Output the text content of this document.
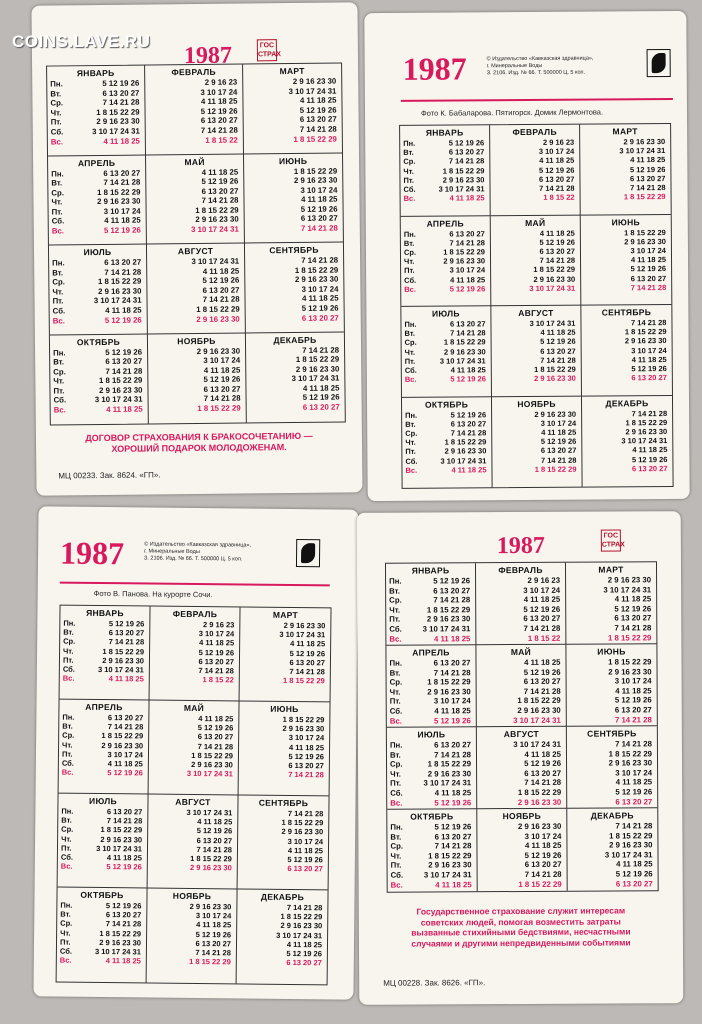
COINS.LAVE.RU
1987	ГОС СТРАХ
ЯНВАРЬ
Пн.	5 12 19 26
Вт.	6 13 20 27
Ср.	7 14 21 28
Чт.	1 8 15 22 29
Пт.	2 9 16 23 30
Сб.	3 10 17 24 31
Вс.	4 11 18 25
ФЕВРАЛЬ
2 9 16 23
3 10 17 24
4 11 18 25
5 12 19 26
6 13 20 27
7 14 21 28
1 8 15 22
МАРТ
2 9 16 23 30
3 10 17 24 31
4 11 18 25
5 12 19 26
6 13 20 27
7 14 21 28
1 8 15 22 29
АПРЕЛЬ
Пн.	6 13 20 27
Вт.	7 14 21 28
Ср.	1 8 15 22 29
Чт.	2 9 16 23 30
Пт.	3 10 17 24
Сб.	4 11 18 25
Вс.	5 12 19 26
МАЙ
4 11 18 25
5 12 19 26
6 13 20 27
7 14 21 28
1 8 15 22 29
2 9 16 23 30
3 10 17 24 31
ИЮНЬ
1 8 15 22 29
2 9 16 23 30
3 10 17 24
4 11 18 25
5 12 19 26
6 13 20 27
7 14 21 28
ИЮЛЬ
Пн.	6 13 20 27
Вт.	7 14 21 28
Ср.	1 8 15 22 29
Чт.	2 9 16 23 30
Пт.	3 10 17 24 31
Сб.	4 11 18 25
Вс.	5 12 19 26
АВГУСТ
3 10 17 24 31
4 11 18 25
5 12 19 26
6 13 20 27
7 14 21 28
1 8 15 22 29
2 9 16 23 30
СЕНТЯБРЬ
7 14 21 28
1 8 15 22 29
2 9 16 23 30
3 10 17 24
4 11 18 25
5 12 19 26
6 13 20 27
ОКТЯБРЬ
Пн.	5 12 19 26
Вт.	6 13 20 27
Ср.	7 14 21 28
Чт.	1 8 15 22 29
Пт.	2 9 16 23 30
Сб.	3 10 17 24 31
Вс.	4 11 18 25
НОЯБРЬ
2 9 16 23 30
3 10 17 24
4 11 18 25
5 12 19 26
6 13 20 27
7 14 21 28
1 8 15 22 29
ДЕКАБРЬ
7 14 21 28
1 8 15 22 29
2 9 16 23 30
3 10 17 24 31
4 11 18 25
5 12 19 26
6 13 20 27
ДОГОВОР СТРАХОВАНИЯ К БРАКОСОЧЕТАНИЮ —
ХОРОШИЙ ПОДАРОК МОЛОДОЖЕНАМ.
МЦ 00233. Зак. 8624. «ГП».
1987	© Издательство «Кавказская здравница»,
г. Минеральные Воды
З. 2106. Изд. № 66. Т. 500000 Ц. 5 коп.
Фото К. Бабаларова. Пятигорск. Домик Лермонтова.
ЯНВАРЬ
Пн.	5 12 19 26
Вт.	6 13 20 27
Ср.	7 14 21 28
Чт.	1 8 15 22 29
Пт.	2 9 16 23 30
Сб.	3 10 17 24 31
Вс.	4 11 18 25
ФЕВРАЛЬ
2 9 16 23
3 10 17 24
4 11 18 25
5 12 19 26
6 13 20 27
7 14 21 28
1 8 15 22
МАРТ
2 9 16 23 30
3 10 17 24 31
4 11 18 25
5 12 19 26
6 13 20 27
7 14 21 28
1 8 15 22 29
АПРЕЛЬ
Пн.	6 13 20 27
Вт.	7 14 21 28
Ср.	1 8 15 22 29
Чт.	2 9 16 23 30
Пт.	3 10 17 24
Сб.	4 11 18 25
Вс.	5 12 19 26
МАЙ
4 11 18 25
5 12 19 26
6 13 20 27
7 14 21 28
1 8 15 22 29
2 9 16 23 30
3 10 17 24 31
ИЮНЬ
1 8 15 22 29
2 9 16 23 30
3 10 17 24
4 11 18 25
5 12 19 26
6 13 20 27
7 14 21 28
ИЮЛЬ
Пн.	6 13 20 27
Вт.	7 14 21 28
Ср.	1 8 15 22 29
Чт.	2 9 16 23 30
Пт.	3 10 17 24 31
Сб.	4 11 18 25
Вс.	5 12 19 26
АВГУСТ
3 10 17 24 31
4 11 18 25
5 12 19 26
6 13 20 27
7 14 21 28
1 8 15 22 29
2 9 16 23 30
СЕНТЯБРЬ
7 14 21 28
1 8 15 22 29
2 9 16 23 30
3 10 17 24
4 11 18 25
5 12 19 26
6 13 20 27
ОКТЯБРЬ
Пн.	5 12 19 26
Вт.	6 13 20 27
Ср.	7 14 21 28
Чт.	1 8 15 22 29
Пт.	2 9 16 23 30
Сб.	3 10 17 24 31
Вс.	4 11 18 25
НОЯБРЬ
2 9 16 23 30
3 10 17 24
4 11 18 25
5 12 19 26
6 13 20 27
7 14 21 28
1 8 15 22 29
ДЕКАБРЬ
7 14 21 28
1 8 15 22 29
2 9 16 23 30
3 10 17 24 31
4 11 18 25
5 12 19 26
6 13 20 27
1987	© Издательство «Кавказская здравница»,
г. Минеральные Воды
З. 2106. Изд. № 66. Т. 500000 Ц. 5 коп.
Фото В. Панова. На курорте Сочи.
ЯНВАРЬ
Пн.	5 12 19 26
Вт.	6 13 20 27
Ср.	7 14 21 28
Чт.	1 8 15 22 29
Пт.	2 9 16 23 30
Сб.	3 10 17 24 31
Вс.	4 11 18 25
ФЕВРАЛЬ
2 9 16 23
3 10 17 24
4 11 18 25
5 12 19 26
6 13 20 27
7 14 21 28
1 8 15 22
МАРТ
2 9 16 23 30
3 10 17 24 31
4 11 18 25
5 12 19 26
6 13 20 27
7 14 21 28
1 8 15 22 29
АПРЕЛЬ
Пн.	6 13 20 27
Вт.	7 14 21 28
Ср.	1 8 15 22 29
Чт.	2 9 16 23 30
Пт.	3 10 17 24
Сб.	4 11 18 25
Вс.	5 12 19 26
МАЙ
4 11 18 25
5 12 19 26
6 13 20 27
7 14 21 28
1 8 15 22 29
2 9 16 23 30
3 10 17 24 31
ИЮНЬ
1 8 15 22 29
2 9 16 23 30
3 10 17 24
4 11 18 25
5 12 19 26
6 13 20 27
7 14 21 28
ИЮЛЬ
Пн.	6 13 20 27
Вт.	7 14 21 28
Ср.	1 8 15 22 29
Чт.	2 9 16 23 30
Пт.	3 10 17 24 31
Сб.	4 11 18 25
Вс.	5 12 19 26
АВГУСТ
3 10 17 24 31
4 11 18 25
5 12 19 26
6 13 20 27
7 14 21 28
1 8 15 22 29
2 9 16 23 30
СЕНТЯБРЬ
7 14 21 28
1 8 15 22 29
2 9 16 23 30
3 10 17 24
4 11 18 25
5 12 19 26
6 13 20 27
ОКТЯБРЬ
Пн.	5 12 19 26
Вт.	6 13 20 27
Ср.	7 14 21 28
Чт.	1 8 15 22 29
Пт.	2 9 16 23 30
Сб.	3 10 17 24 31
Вс.	4 11 18 25
НОЯБРЬ
2 9 16 23 30
3 10 17 24
4 11 18 25
5 12 19 26
6 13 20 27
7 14 21 28
1 8 15 22 29
ДЕКАБРЬ
7 14 21 28
1 8 15 22 29
2 9 16 23 30
3 10 17 24 31
4 11 18 25
5 12 19 26
6 13 20 27
1987	ГОС СТРАХ
ЯНВАРЬ
Пн.	5 12 19 26
Вт.	6 13 20 27
Ср.	7 14 21 28
Чт.	1 8 15 22 29
Пт.	2 9 16 23 30
Сб.	3 10 17 24 31
Вс.	4 11 18 25
ФЕВРАЛЬ
2 9 16 23
3 10 17 24
4 11 18 25
5 12 19 26
6 13 20 27
7 14 21 28
1 8 15 22
МАРТ
2 9 16 23 30
3 10 17 24 31
4 11 18 25
5 12 19 26
6 13 20 27
7 14 21 28
1 8 15 22 29
АПРЕЛЬ
Пн.	6 13 20 27
Вт.	7 14 21 28
Ср.	1 8 15 22 29
Чт.	2 9 16 23 30
Пт.	3 10 17 24
Сб.	4 11 18 25
Вс.	5 12 19 26
МАЙ
4 11 18 25
5 12 19 26
6 13 20 27
7 14 21 28
1 8 15 22 29
2 9 16 23 30
3 10 17 24 31
ИЮНЬ
1 8 15 22 29
2 9 16 23 30
3 10 17 24
4 11 18 25
5 12 19 26
6 13 20 27
7 14 21 28
ИЮЛЬ
Пн.	6 13 20 27
Вт.	7 14 21 28
Ср.	1 8 15 22 29
Чт.	2 9 16 23 30
Пт.	3 10 17 24 31
Сб.	4 11 18 25
Вс.	5 12 19 26
АВГУСТ
3 10 17 24 31
4 11 18 25
5 12 19 26
6 13 20 27
7 14 21 28
1 8 15 22 29
2 9 16 23 30
СЕНТЯБРЬ
7 14 21 28
1 8 15 22 29
2 9 16 23 30
3 10 17 24
4 11 18 25
5 12 19 26
6 13 20 27
ОКТЯБРЬ
Пн.	5 12 19 26
Вт.	6 13 20 27
Ср.	7 14 21 28
Чт.	1 8 15 22 29
Пт.	2 9 16 23 30
Сб.	3 10 17 24 31
Вс.	4 11 18 25
НОЯБРЬ
2 9 16 23 30
3 10 17 24
4 11 18 25
5 12 19 26
6 13 20 27
7 14 21 28
1 8 15 22 29
ДЕКАБРЬ
7 14 21 28
1 8 15 22 29
2 9 16 23 30
3 10 17 24 31
4 11 18 25
5 12 19 26
6 13 20 27
Государственное страхование служит интересам
советских людей, помогая возместить затраты
вызванные стихийными бедствиями, несчастными
случаями и другими непредвиденными событиями
МЦ 00228. Зак. 8626. «ГП».
